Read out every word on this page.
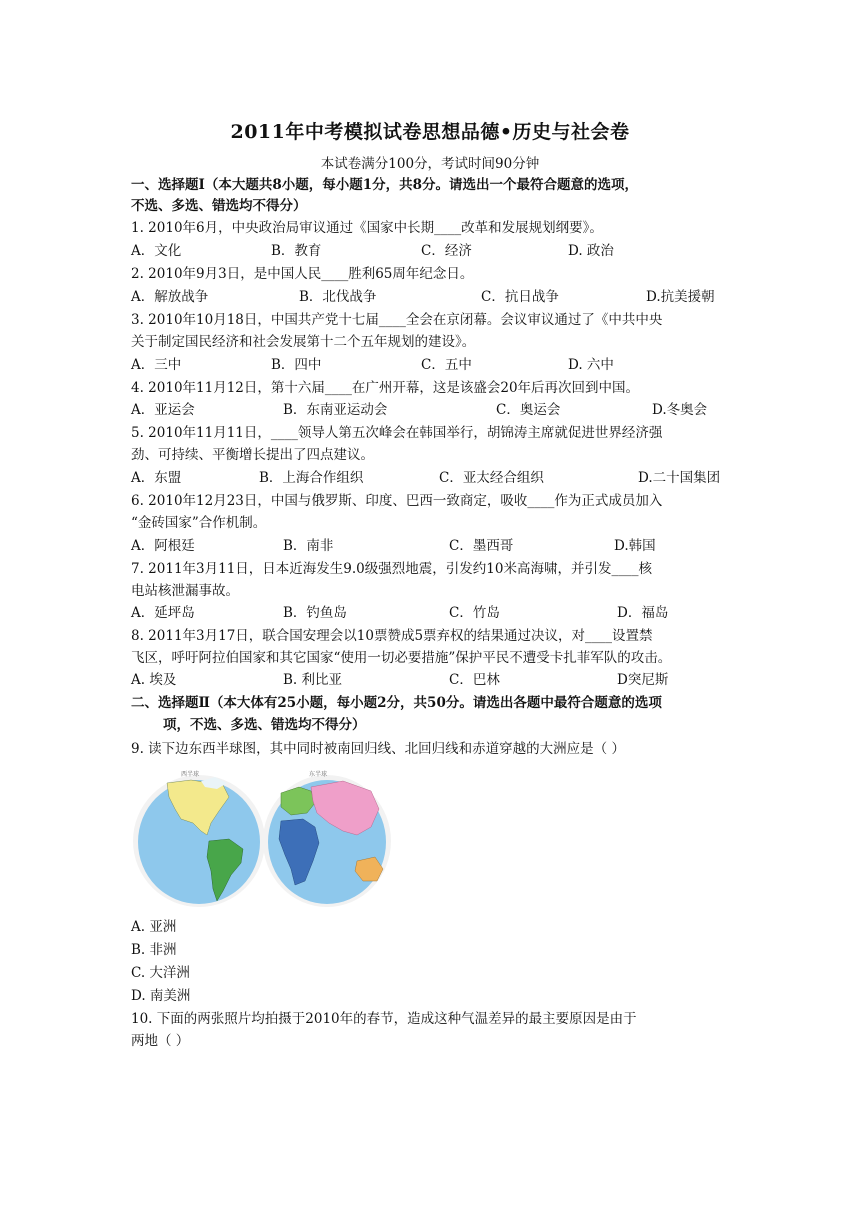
2011年中考模拟试卷思想品德•历史与社会卷
本试卷满分100分，考试时间90分钟
一、选择题Ⅰ（本大题共8小题，每小题1分，共8分。请选出一个最符合题意的选项，
不选、多选、错选均不得分）
1. 2010年6月，中央政治局审议通过《国家中长期____改革和发展规划纲要》。
A．文化	B．教育	C．经济	D. 政治
2. 2010年9月3日，是中国人民____胜利65周年纪念日。
A．解放战争	B．北伐战争	C．抗日战争	D.抗美援朝
3. 2010年10月18日，中国共产党十七届____全会在京闭幕。会议审议通过了《中共中央
关于制定国民经济和社会发展第十二个五年规划的建设》。
A．三中	B．四中	C．五中	D. 六中
4. 2010年11月12日，第十六届____在广州开幕，这是该盛会20年后再次回到中国。
A．亚运会	B．东南亚运动会	C．奥运会	D.冬奥会
5. 2010年11月11日，____领导人第五次峰会在韩国举行，胡锦涛主席就促进世界经济强
劲、可持续、平衡增长提出了四点建议。
A．东盟	B．上海合作组织	C．亚太经合组织	D.二十国集团
6. 2010年12月23日，中国与俄罗斯、印度、巴西一致商定，吸收____作为正式成员加入
“金砖国家”合作机制。
A．阿根廷	B．南非	C．墨西哥	D.韩国
7. 2011年3月11日，日本近海发生9.0级强烈地震，引发约10米高海啸，并引发____核
电站核泄漏事故。
A．延坪岛	B．钓鱼岛	C．竹岛	D．福岛
8. 2011年3月17日，联合国安理会以10票赞成5票弃权的结果通过决议，对____设置禁
飞区，呼吁阿拉伯国家和其它国家“使用一切必要措施”保护平民不遭受卡扎菲军队的攻击。
A. 埃及	B. 利比亚	C．巴林	D突尼斯
二、选择题Ⅱ（本大体有25小题，每小题2分，共50分。请选出各题中最符合题意的选项
项，不选、多选、错选均不得分）
9. 读下边东西半球图，其中同时被南回归线、北回归线和赤道穿越的大洲应是（ ）
西半球	东半球
A. 亚洲
B. 非洲
C. 大洋洲
D. 南美洲
10. 下面的两张照片均拍摄于2010年的春节，造成这种气温差异的最主要原因是由于
两地（ ）
